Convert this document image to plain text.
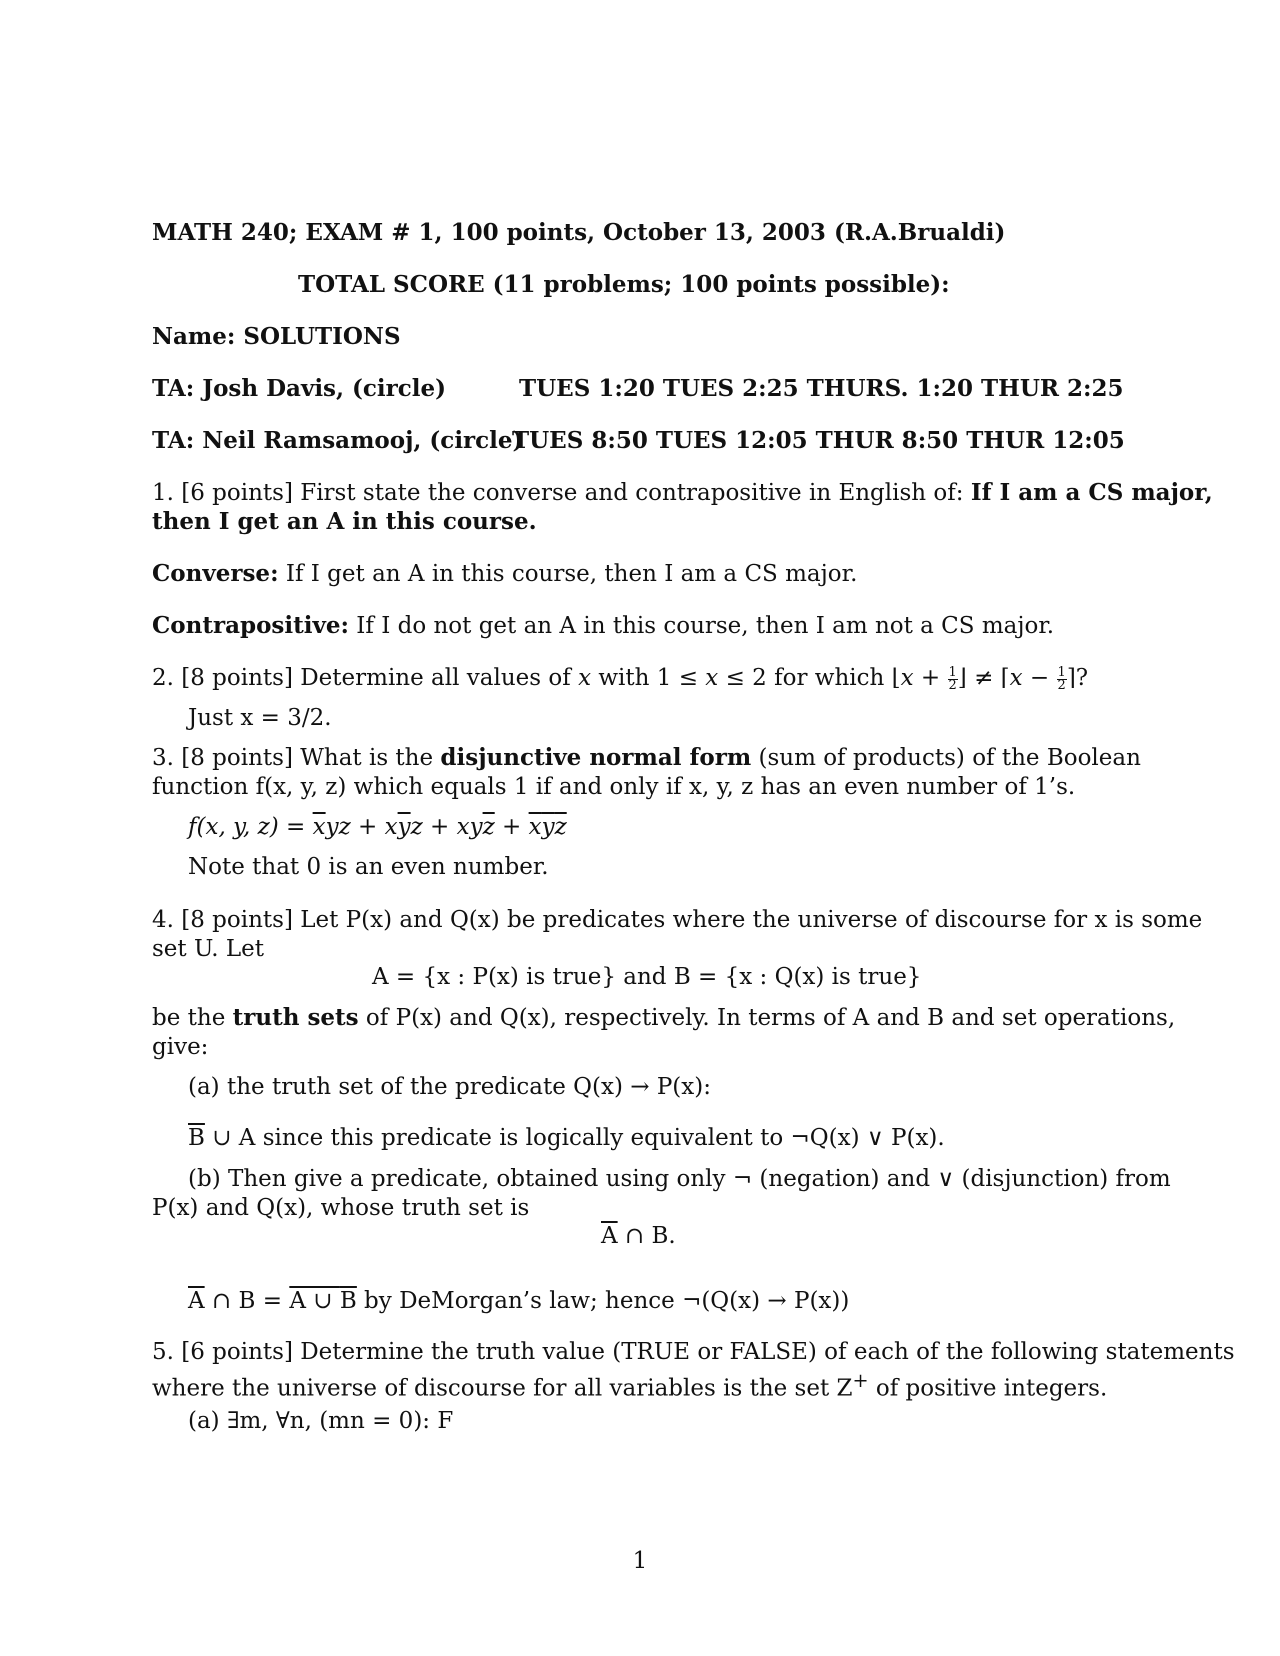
MATH 240; EXAM # 1, 100 points, October 13, 2003 (R.A.Brualdi)
TOTAL SCORE (11 problems; 100 points possible):
Name: SOLUTIONS
TA: Josh Davis, (circle)	TUES 1:20 TUES 2:25 THURS. 1:20 THUR 2:25
TA: Neil Ramsamooj, (circle)
TUES 8:50 TUES 12:05 THUR 8:50 THUR 12:05
1. [6 points] First state the converse and contrapositive in English of: If I am a CS major,
then I get an A in this course.
Converse: If I get an A in this course, then I am a CS major.
Contrapositive: If I do not get an A in this course, then I am not a CS major.
2. [8 points] Determine all values of x with 1 ≤ x ≤ 2 for which ⌊x + $\frac{1}{2}$ ⌋ ≠ ⌈x − $\frac{1}{2}$ ⌉?
Just x = 3/2.
3. [8 points] What is the disjunctive normal form (sum of products) of the Boolean
function f(x, y, z) which equals 1 if and only if x, y, z has an even number of 1’s.
f(x, y, $z) = \overline{x}yz + x\overline{y}z + xy\overline{z} + \overline{x}\overline{y}\overline{z}$
Note that 0 is an even number.
4. [8 points] Let P(x) and Q(x) be predicates where the universe of discourse for x is some
set U. Let
A = {x : P(x) is true} and B = {x : Q(x) is true}
be the truth sets of P(x) and Q(x), respectively. In terms of A and B and set operations,
give:
(a) the truth set of the predicate Q(x) → P(x):
$\overline{B}$ ∪ A since this predicate is logically equivalent to ¬Q(x) ∨ P(x).
(b) Then give a predicate, obtained using only ¬ (negation) and ∨ (disjunction) from
P(x) and Q(x), whose truth set is
$\overline{A}$ ∩ B.
$\overline{A}$ ∩ B = A ∪ B by DeMorgan’s law; hence ¬(Q(x) → P(x))
5. [6 points] Determine the truth value (TRUE or FALSE) of each of the following statements
where the universe of discourse for all variables is the set Z+ of positive integers.
(a) ∃m, ∀n, (mn = 0): F
1
